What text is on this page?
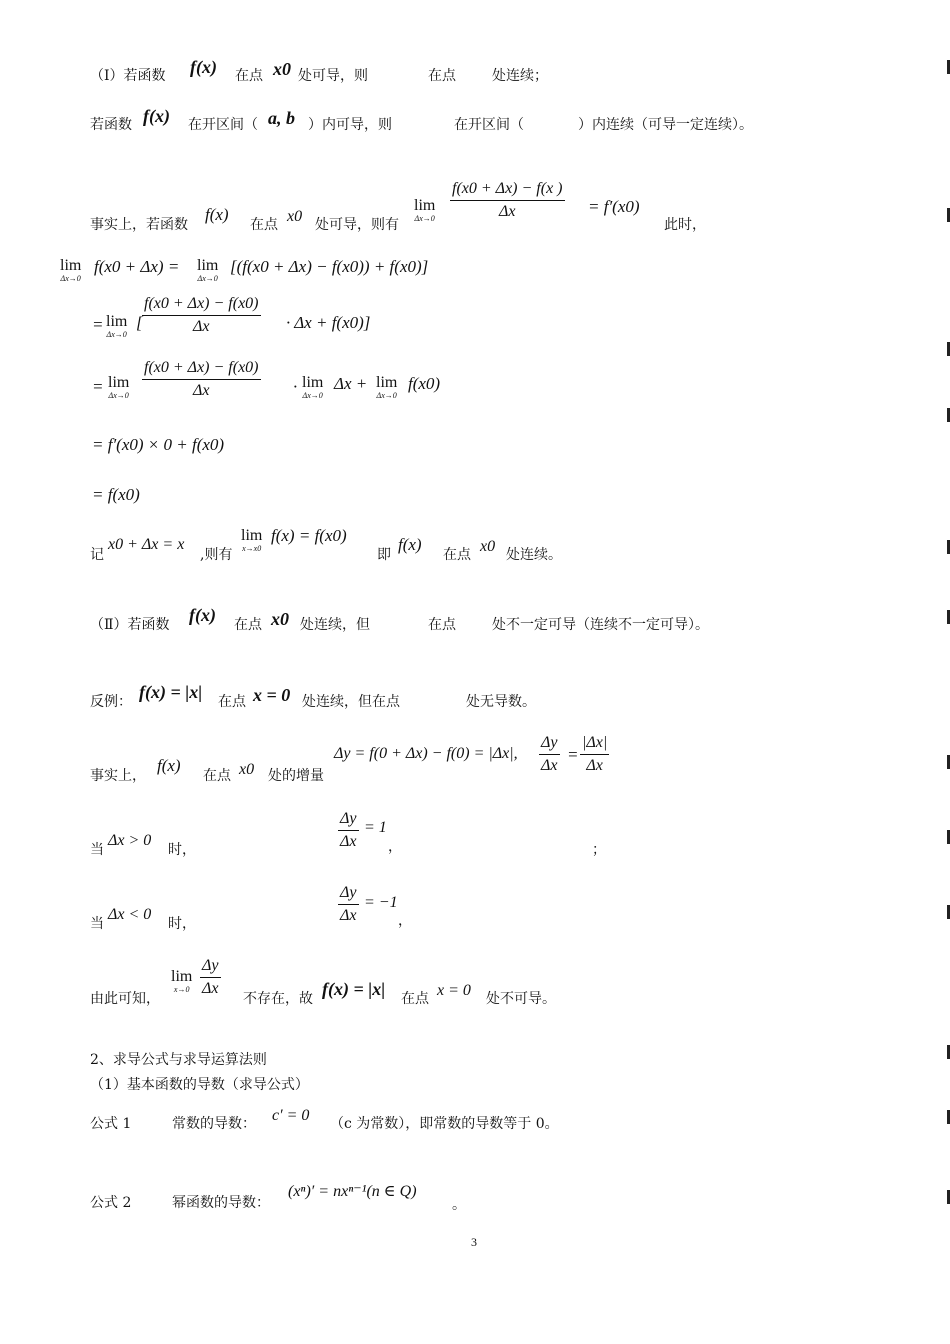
（Ⅰ）若函数 f(x) 在点 x0 处可导，则	在点	处连续；
若函数 f(x) 在开区间（ a, b ）内可导，则	在开区间（	）内连续（可导一定连续）。
事实上，若函数
f(x)
在点 x0 处可导，则有
lim
$\Delta x\to 0 \frac{f(x0 + \Delta x) - f(x )}{\Delta x} = f'(x0)$
此时，
lim
Δx→0
f(x0 + Δx) = lim
Δx→0
[(f(x0 + Δx) − f(x0)) + f(x0)]
= lim
Δx→0
[ $\frac{f(x0 + \Delta x) - f(x0)}{\Delta x} \cdot \Delta x + f(x0)$]
= lim
$\Delta x\to 0 \frac{f(x0 + \Delta x) - f(x0)}{\Delta x} \cdot \lim$
Δx→0
Δx + lim
Δx→0
f(x0)
= f′(x0) × 0 + f(x0)
= f(x0)
记
x0 + Δx = x
,则有
lim
x→x0
f(x) = f(x0)
即
f(x)
在点 x0 处连续。
（Ⅱ）若函数 f(x) 在点 x0 处连续，但	在点	处不一定可导（连续不一定可导）。
反例： f(x) = |x| 在点 x = 0 处连续，但在点	处无导数。
事实上，
f(x)
在点 x0 处的增量
Δy = f(0 + Δx) − f(0) = |Δx|, $\frac{\Delta y}{\Delta x} = \frac{|\Delta x|}{\Delta x}$
当
Δx > 0
时，	$\frac{\Delta y}{\Delta x} = 1$
，	；
当
Δx < 0
时，	$\frac{\Delta y}{\Delta x} = -1$
，
由此可知，
lim
$x\to 0 \frac{\Delta y}{\Delta x}$
不存在，故 f(x) = |x| 在点 x = 0 处不可导。
2、求导公式与求导运算法则
（1）基本函数的导数（求导公式）
公式 1	常数的导数： c′ = 0 （c 为常数），即常数的导数等于 0。
公式 2	幂函数的导数：
(xⁿ)′ = nxⁿ⁻¹(n ∈ Q)
。
3
